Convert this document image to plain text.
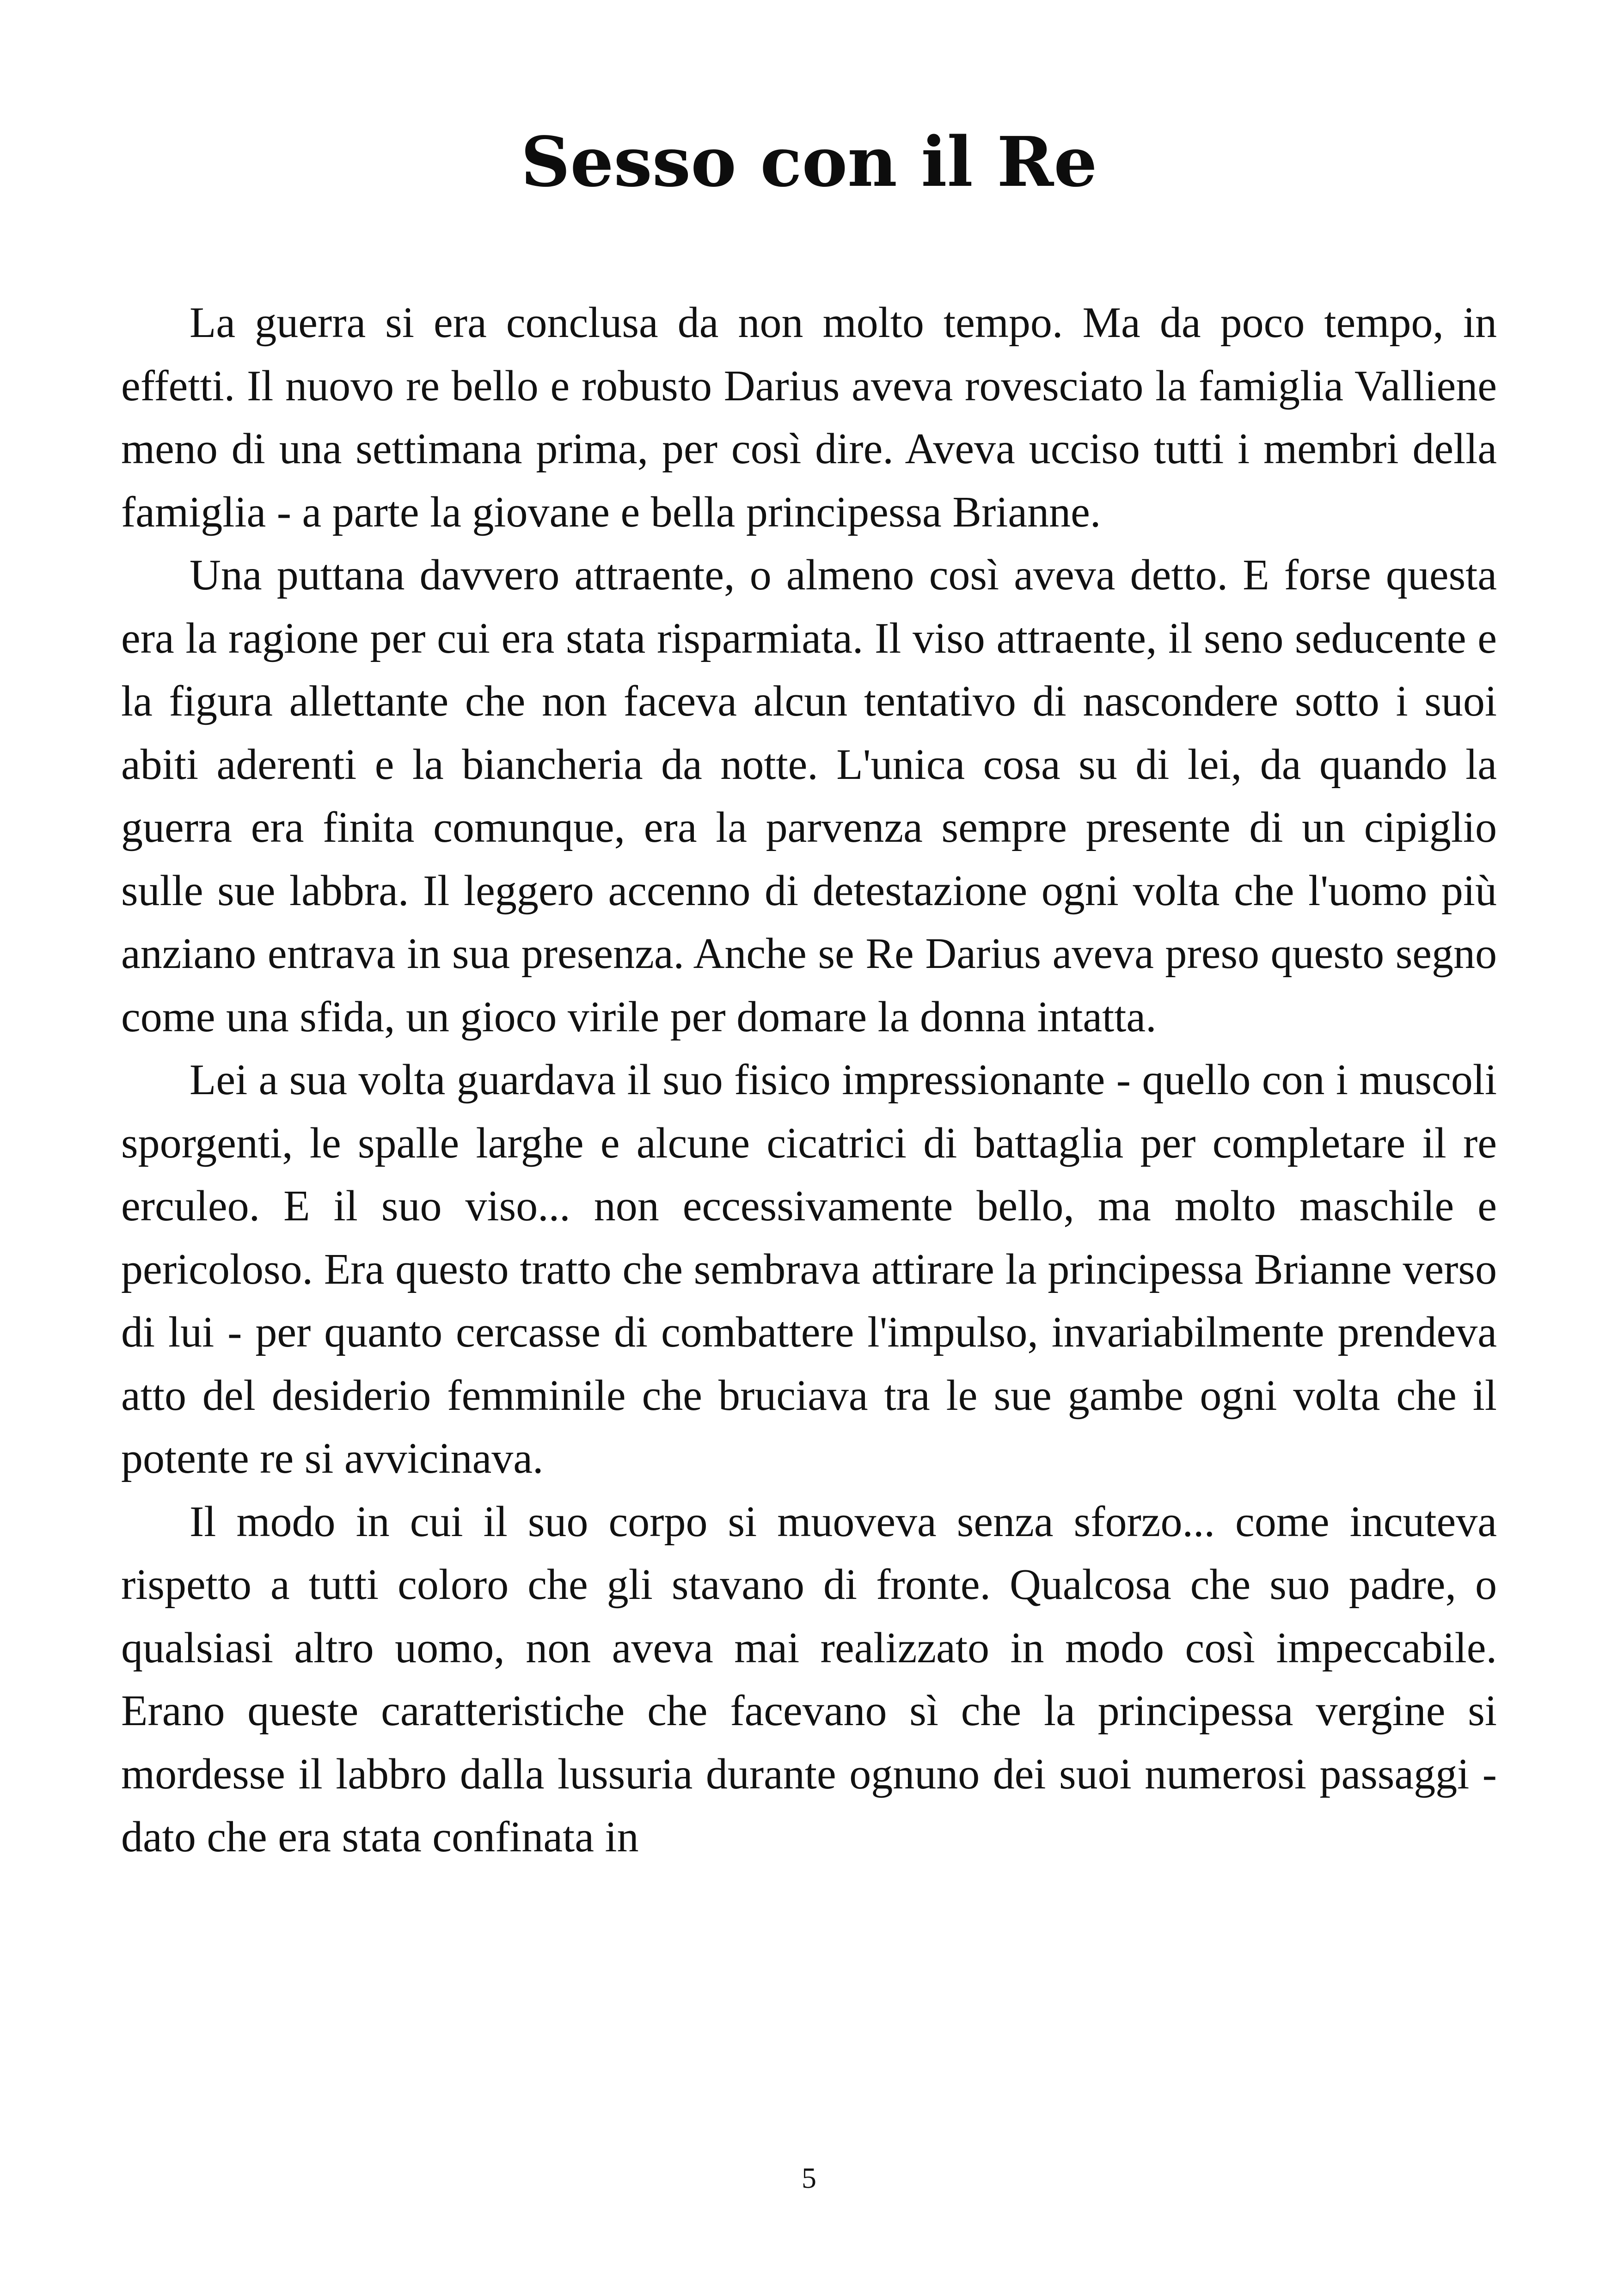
Sesso con il Re

La guerra si era conclusa da non molto tempo. Ma da poco tempo, in effetti. Il nuovo re bello e robusto Darius aveva rovesciato la famiglia Valliene meno di una settimana prima, per così dire. Aveva ucciso tutti i membri della famiglia - a parte la giovane e bella principessa Brianne.

Una puttana davvero attraente, o almeno così aveva detto. E forse questa era la ragione per cui era stata risparmiata. Il viso attraente, il seno seducente e la figura allettante che non faceva alcun tentativo di nascondere sotto i suoi abiti aderenti e la biancheria da notte. L'unica cosa su di lei, da quando la guerra era finita comunque, era la parvenza sempre presente di un cipiglio sulle sue labbra. Il leggero accenno di detestazione ogni volta che l'uomo più anziano entrava in sua presenza. Anche se Re Darius aveva preso questo segno come una sfida, un gioco virile per domare la donna intatta.

Lei a sua volta guardava il suo fisico impressionante - quello con i muscoli sporgenti, le spalle larghe e alcune cicatrici di battaglia per completare il re erculeo. E il suo viso... non eccessivamente bello, ma molto maschile e pericoloso. Era questo tratto che sembrava attirare la principessa Brianne verso di lui - per quanto cercasse di combattere l'impulso, invariabilmente prendeva atto del desiderio femminile che bruciava tra le sue gambe ogni volta che il potente re si avvicinava.

Il modo in cui il suo corpo si muoveva senza sforzo... come incuteva rispetto a tutti coloro che gli stavano di fronte. Qualcosa che suo padre, o qualsiasi altro uomo, non aveva mai realizzato in modo così impeccabile. Erano queste caratteristiche che facevano sì che la principessa vergine si mordesse il labbro dalla lussuria durante ognuno dei suoi numerosi passaggi - dato che era stata confinata in

5
